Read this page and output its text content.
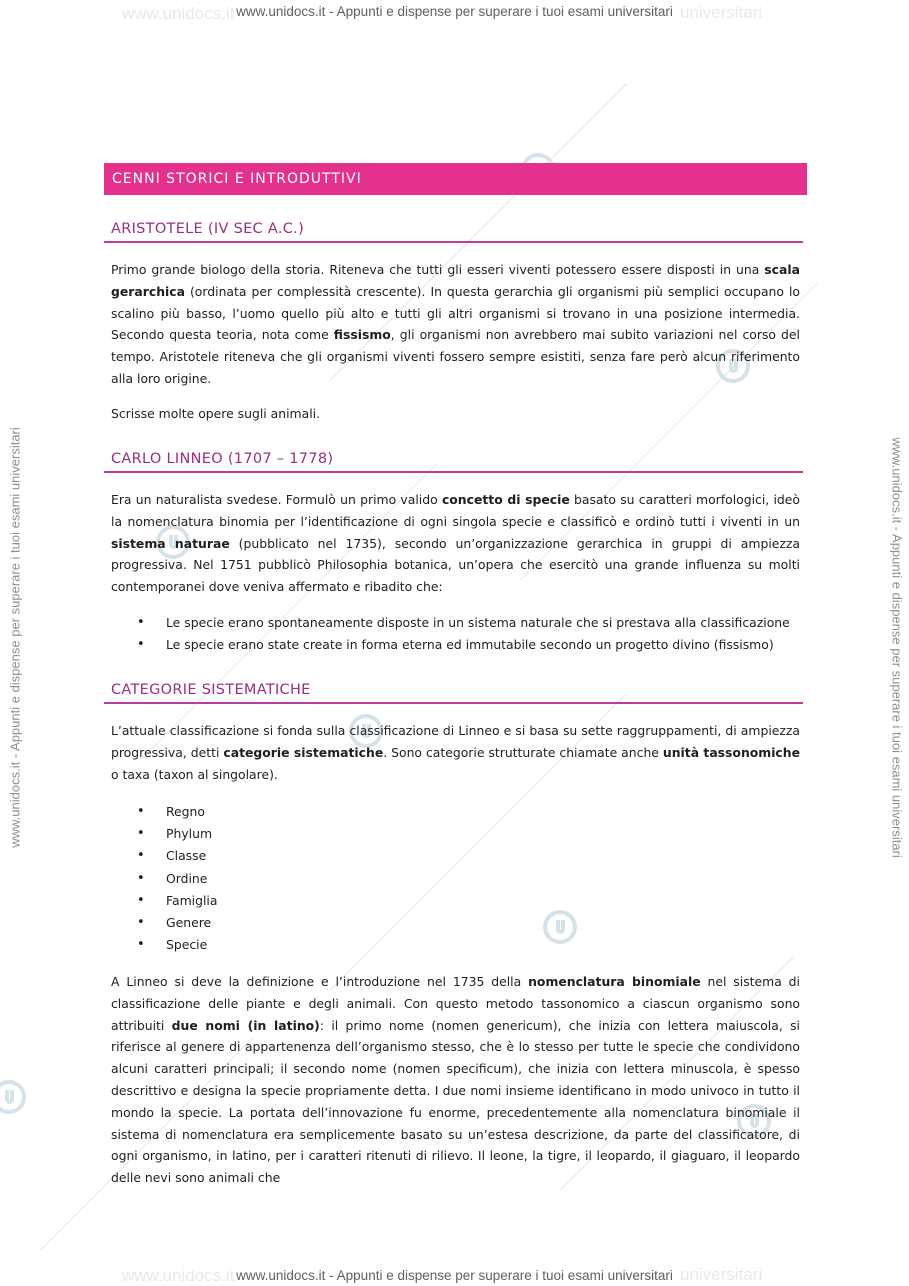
www.unidocs.it	universitari
www.unidocs.it	universitari
www.unidocs.it - Appunti e dispense per superare i tuoi esami universitari
www.unidocs.it - Appunti e dispense per superare i tuoi esami universitari
www.unidocs.it - Appunti e dispense per superare i tuoi esami universitari	www.unidocs.it - Appunti e dispense per superare i tuoi esami universitari
CENNI STORICI E INTRODUTTIVI
ARISTOTELE (IV SEC A.C.)

Primo grande biologo della storia. Riteneva che tutti gli esseri viventi potessero essere disposti in una scala gerarchica (ordinata per complessità crescente). In questa gerarchia gli organismi più semplici occupano lo scalino più basso, l’uomo quello più alto e tutti gli altri organismi si trovano in una posizione intermedia. Secondo questa teoria, nota come fissismo, gli organismi non avrebbero mai subito variazioni nel corso del tempo. Aristotele riteneva che gli organismi viventi fossero sempre esistiti, senza fare però alcun riferimento alla loro origine.

Scrisse molte opere sugli animali.

CARLO LINNEO (1707 – 1778)

Era un naturalista svedese. Formulò un primo valido concetto di specie basato su caratteri morfologici, ideò la nomenclatura binomia per l’identificazione di ogni singola specie e classificò e ordinò tutti i viventi in un sistema naturae (pubblicato nel 1735), secondo un’organizzazione gerarchica in gruppi di ampiezza progressiva. Nel 1751 pubblicò Philosophia botanica, un’opera che esercitò una grande influenza su molti contemporanei dove veniva affermato e ribadito che:

• Le specie erano spontaneamente disposte in un sistema naturale che si prestava alla classificazione
• Le specie erano state create in forma eterna ed immutabile secondo un progetto divino (fissismo)
CATEGORIE SISTEMATICHE

L’attuale classificazione si fonda sulla classificazione di Linneo e si basa su sette raggruppamenti, di ampiezza progressiva, detti categorie sistematiche. Sono categorie strutturate chiamate anche unità tassonomiche o taxa (taxon al singolare).

• Regno
• Phylum
• Classe
• Ordine
• Famiglia
• Genere
• Specie

A Linneo si deve la definizione e l’introduzione nel 1735 della nomenclatura binomiale nel sistema di classificazione delle piante e degli animali. Con questo metodo tassonomico a ciascun organismo sono attribuiti due nomi (in latino): il primo nome (nomen genericum), che inizia con lettera maiuscola, si riferisce al genere di appartenenza dell’organismo stesso, che è lo stesso per tutte le specie che condividono alcuni caratteri principali; il secondo nome (nomen specificum), che inizia con lettera minuscola, è spesso descrittivo e designa la specie propriamente detta. I due nomi insieme identificano in modo univoco in tutto il mondo la specie. La portata dell’innovazione fu enorme, precedentemente alla nomenclatura binomiale il sistema di nomenclatura era semplicemente basato su un’estesa descrizione, da parte del classificatore, di ogni organismo, in latino, per i caratteri ritenuti di rilievo. Il leone, la tigre, il leopardo, il giaguaro, il leopardo delle nevi sono animali che
